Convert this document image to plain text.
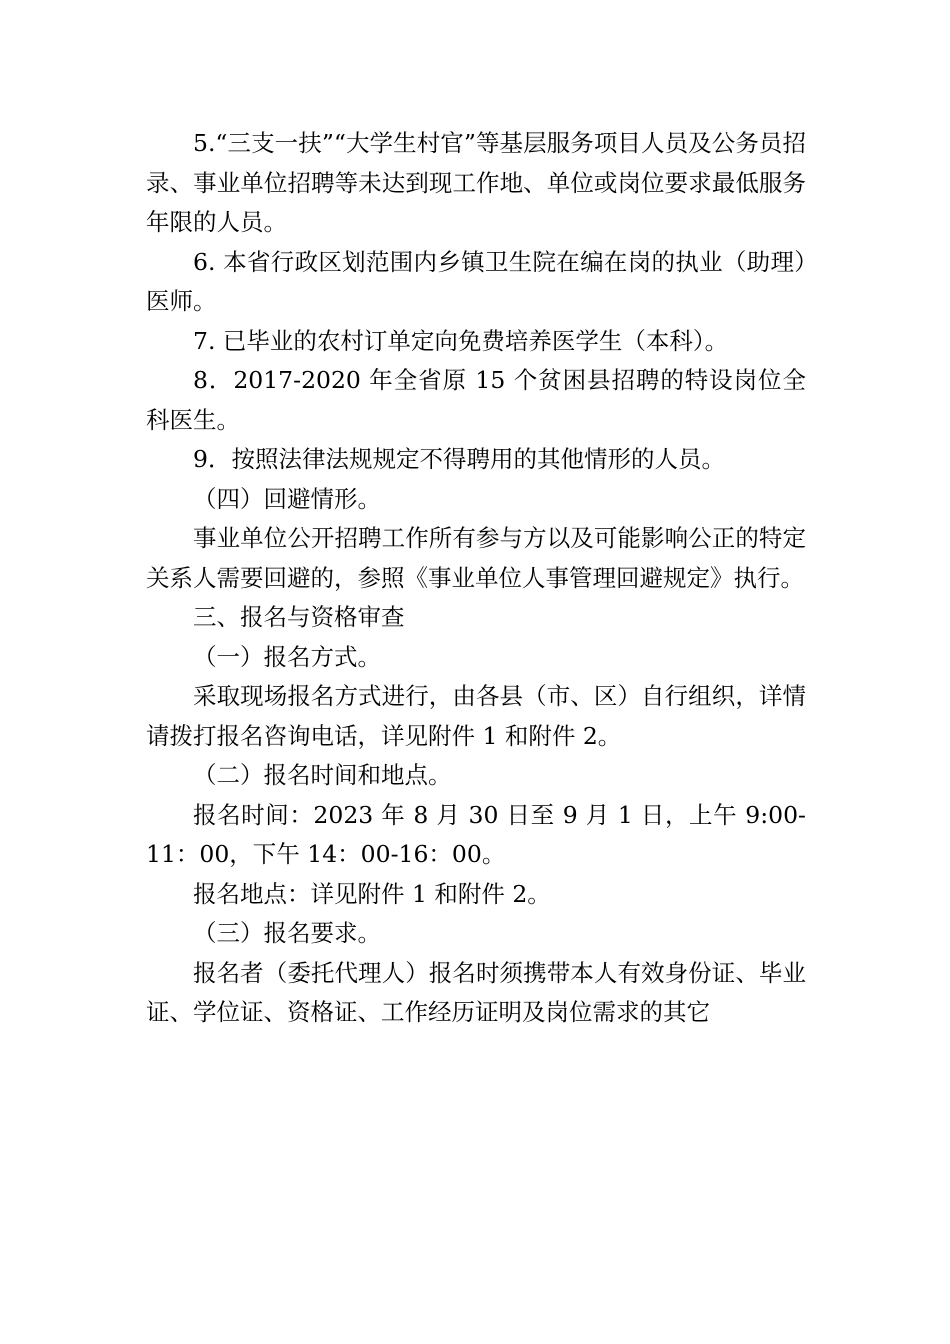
5.“三支一扶”“大学生村官”等基层服务项目人员及公务员招录、事业单位招聘等未达到现工作地、单位或岗位要求最低服务年限的人员。

6. 本省行政区划范围内乡镇卫生院在编在岗的执业（助理）医师。

7. 已毕业的农村订单定向免费培养医学生（本科）。

8．2017-2020 年全省原 15 个贫困县招聘的特设岗位全科医生。

9．按照法律法规规定不得聘用的其他情形的人员。

（四）回避情形。

事业单位公开招聘工作所有参与方以及可能影响公正的特定关系人需要回避的，参照《事业单位人事管理回避规定》执行。

三、报名与资格审查

（一）报名方式。

采取现场报名方式进行，由各县（市、区）自行组织，详情请拨打报名咨询电话，详见附件 1 和附件 2。

（二）报名时间和地点。

报名时间：2023 年 8 月 30 日至 9 月 1 日，上午 9:00-11：00，下午 14：00-16：00。

报名地点：详见附件 1 和附件 2。

（三）报名要求。

报名者（委托代理人）报名时须携带本人有效身份证、毕业证、学位证、资格证、工作经历证明及岗位需求的其它
